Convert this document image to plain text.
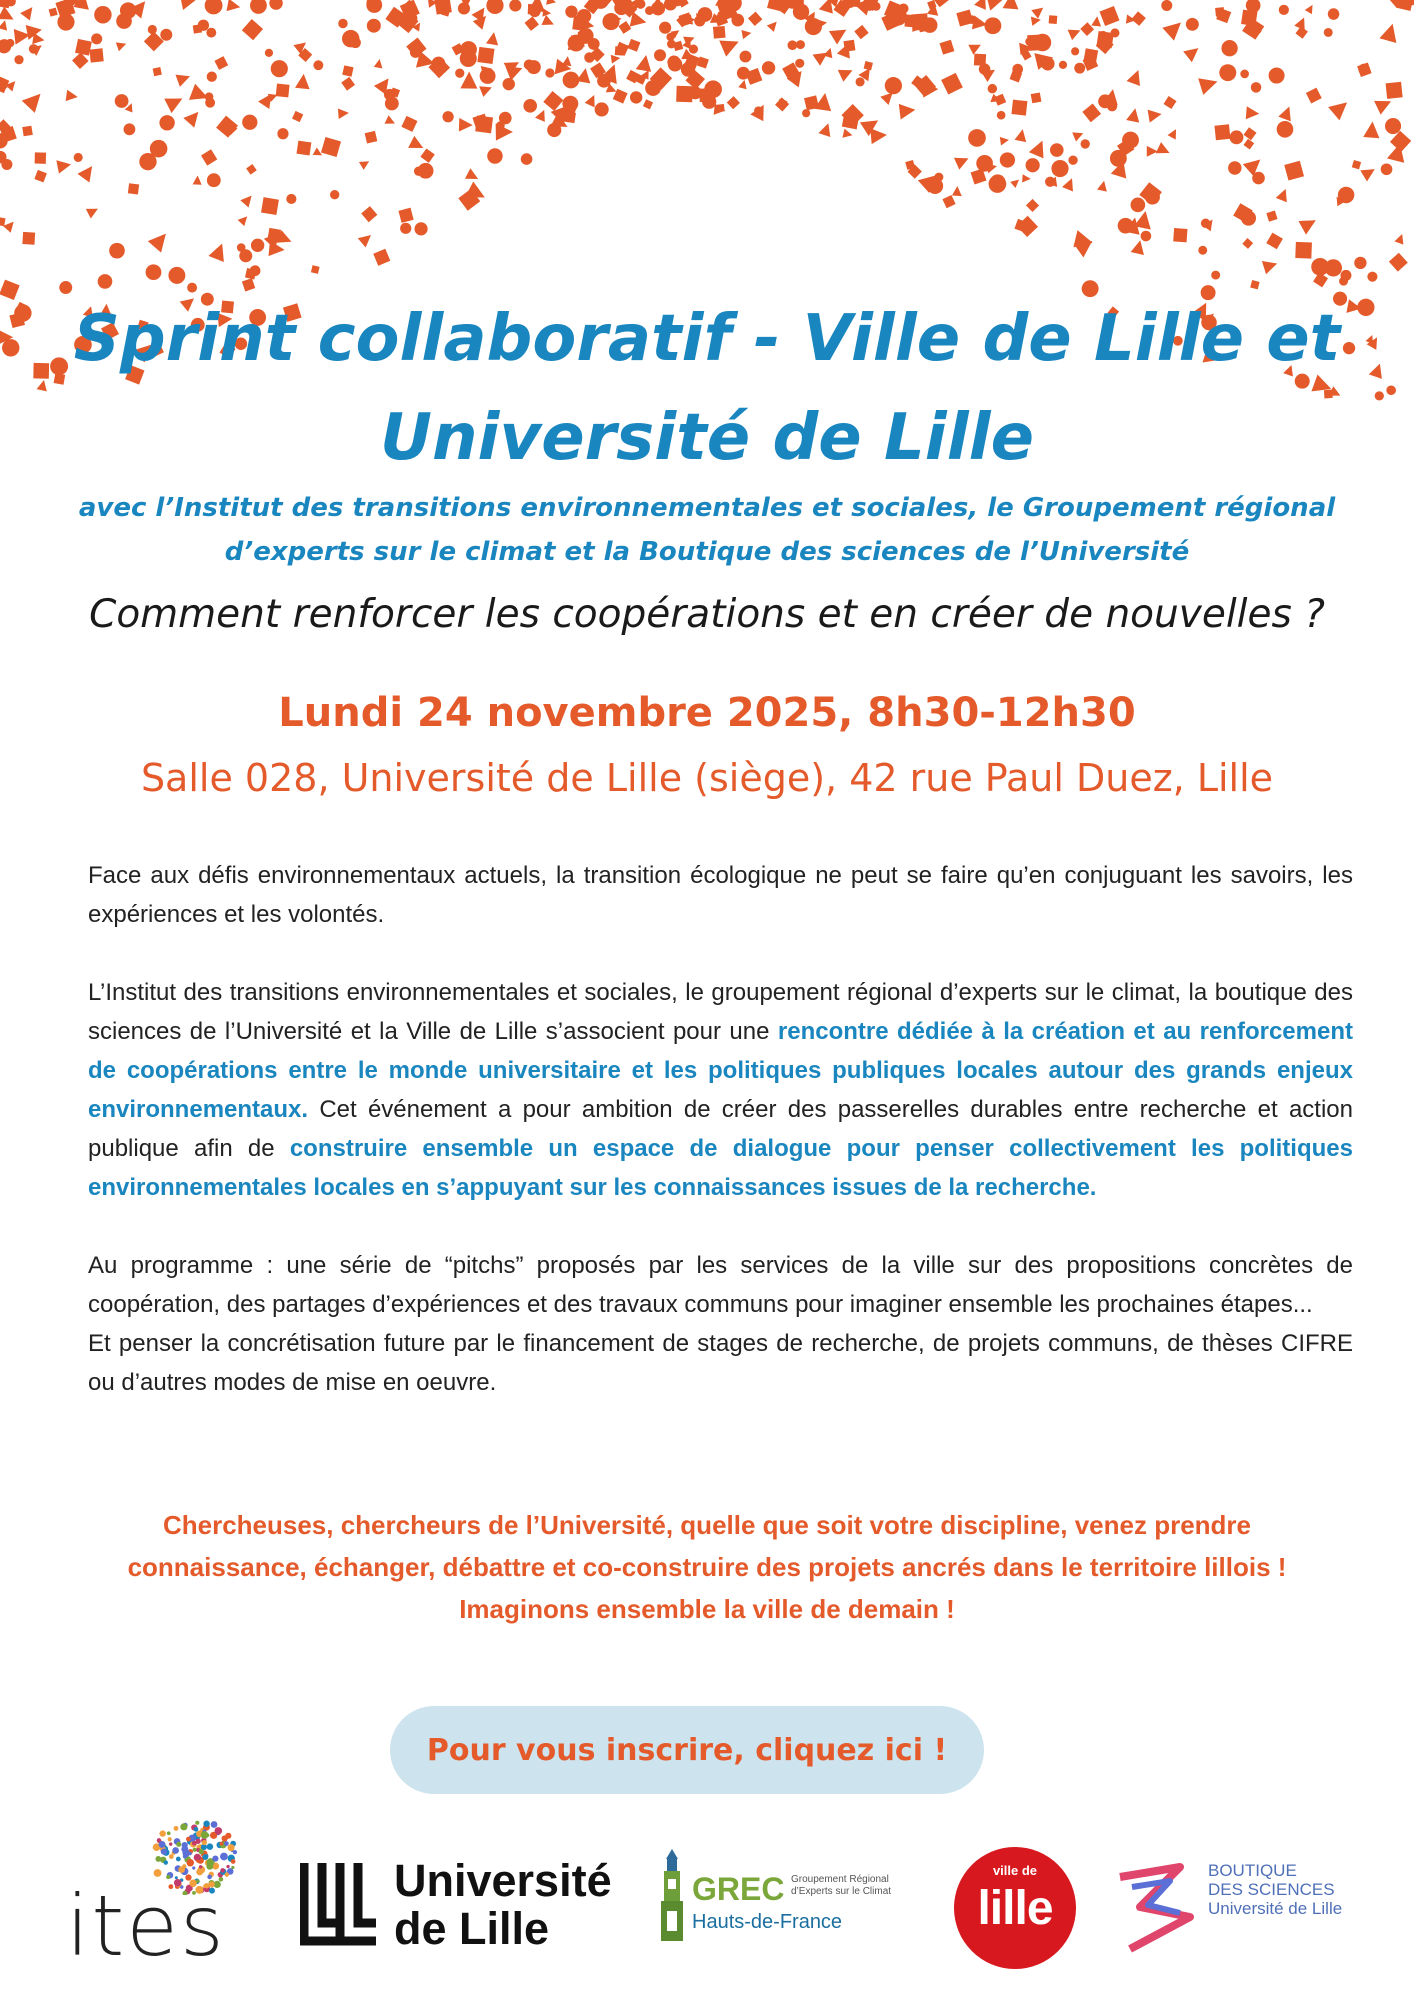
Sprint collaboratif - Ville de Lille et
Université de Lille

avec l’Institut des transitions environnementales et sociales, le Groupement régional d’experts sur le climat et la Boutique des sciences de l’Université

Comment renforcer les coopérations et en créer de nouvelles ?

Lundi 24 novembre 2025, 8h30-12h30

Salle 028, Université de Lille (siège), 42 rue Paul Duez, Lille

Face aux défis environnementaux actuels, la transition écologique ne peut se faire qu’en conjuguant les savoirs, les expériences et les volontés.

L’Institut des transitions environnementales et sociales, le groupement régional d’experts sur le climat, la boutique des sciences de l’Université et la Ville de Lille s’associent pour une rencontre dédiée à la création et au renforcement de coopérations entre le monde universitaire et les politiques publiques locales autour des grands enjeux environnementaux. Cet événement a pour ambition de créer des passerelles durables entre recherche et action publique afin de construire ensemble un espace de dialogue pour penser collectivement les politiques environnementales locales en s’appuyant sur les connaissances issues de la recherche.

Au programme : une série de “pitchs” proposés par les services de la ville sur des propositions concrètes de coopération, des partages d’expériences et des travaux communs pour imaginer ensemble les prochaines étapes...

Et penser la concrétisation future par le financement de stages de recherche, de projets communs, de thèses CIFRE ou d’autres modes de mise en oeuvre.

Chercheuses, chercheurs de l’Université, quelle que soit votre discipline, venez prendre connaissance, échanger, débattre et co-construire des projets ancrés dans le territoire lillois ! Imaginons ensemble la ville de demain !

Pour vous inscrire, cliquez ici !
ites	Université
de Lille
GREC Groupement Régional d’Experts sur le Climat
Hauts-de-France
ville de
lille
BOUTIQUE
DES SCIENCES
Université de Lille
